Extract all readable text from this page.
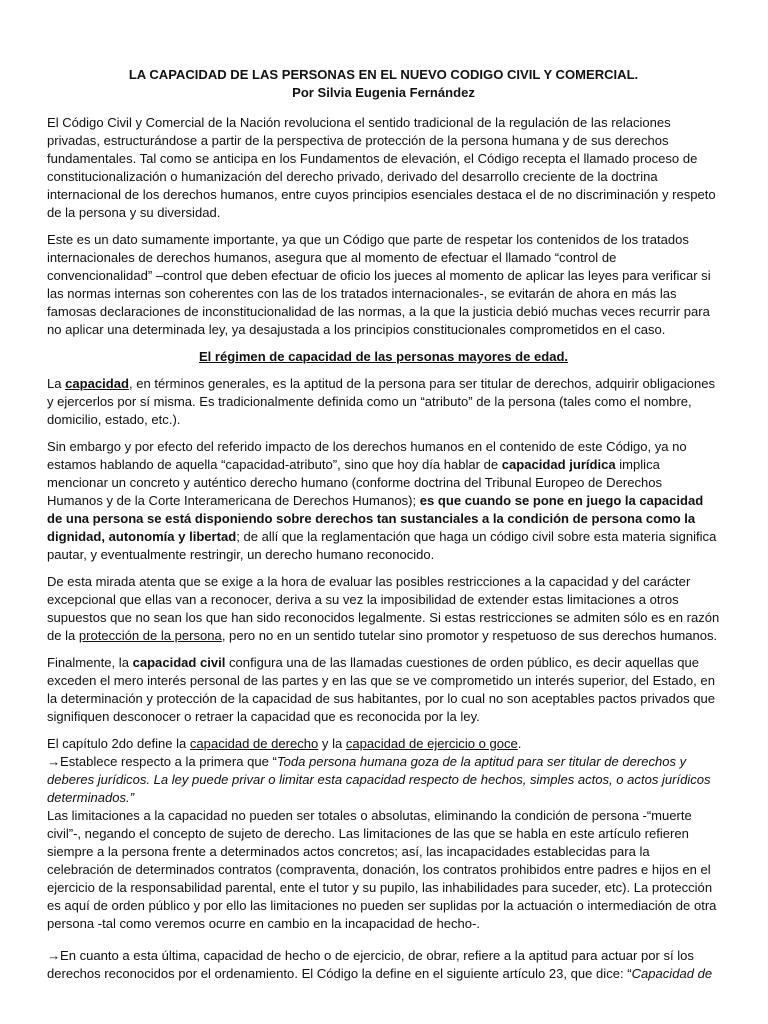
LA CAPACIDAD DE LAS PERSONAS EN EL NUEVO CODIGO CIVIL Y COMERCIAL.
Por Silvia Eugenia Fernández

El Código Civil y Comercial de la Nación revoluciona el sentido tradicional de la regulación de las relaciones privadas, estructurándose a partir de la perspectiva de protección de la persona humana y de sus derechos fundamentales. Tal como se anticipa en los Fundamentos de elevación, el Código recepta el llamado proceso de constitucionalización o humanización del derecho privado, derivado del desarrollo creciente de la doctrina internacional de los derechos humanos, entre cuyos principios esenciales destaca el de no discriminación y respeto de la persona y su diversidad.

Este es un dato sumamente importante, ya que un Código que parte de respetar los contenidos de los tratados internacionales de derechos humanos, asegura que al momento de efectuar el llamado “control de convencionalidad” –control que deben efectuar de oficio los jueces al momento de aplicar las leyes para verificar si las normas internas son coherentes con las de los tratados internacionales-, se evitarán de ahora en más las famosas declaraciones de inconstitucionalidad de las normas, a la que la justicia debió muchas veces recurrir para no aplicar una determinada ley, ya desajustada a los principios constitucionales comprometidos en el caso.

El régimen de capacidad de las personas mayores de edad.

La capacidad, en términos generales, es la aptitud de la persona para ser titular de derechos, adquirir obligaciones y ejercerlos por sí misma. Es tradicionalmente definida como un “atributo” de la persona (tales como el nombre, domicilio, estado, etc.).

Sin embargo y por efecto del referido impacto de los derechos humanos en el contenido de este Código, ya no estamos hablando de aquella “capacidad-atributo”, sino que hoy día hablar de capacidad jurídica implica mencionar un concreto y auténtico derecho humano (conforme doctrina del Tribunal Europeo de Derechos Humanos y de la Corte Interamericana de Derechos Humanos); es que cuando se pone en juego la capacidad de una persona se está disponiendo sobre derechos tan sustanciales a la condición de persona como la dignidad, autonomía y libertad; de allí que la reglamentación que haga un código civil sobre esta materia significa pautar, y eventualmente restringir, un derecho humano reconocido.

De esta mirada atenta que se exige a la hora de evaluar las posibles restricciones a la capacidad y del carácter excepcional que ellas van a reconocer, deriva a su vez la imposibilidad de extender estas limitaciones a otros supuestos que no sean los que han sido reconocidos legalmente. Si estas restricciones se admiten sólo es en razón de la protección de la persona, pero no en un sentido tutelar sino promotor y respetuoso de sus derechos humanos.

Finalmente, la capacidad civil configura una de las llamadas cuestiones de orden público, es decir aquellas que exceden el mero interés personal de las partes y en las que se ve comprometido un interés superior, del Estado, en la determinación y protección de la capacidad de sus habitantes, por lo cual no son aceptables pactos privados que signifiquen desconocer o retraer la capacidad que es reconocida por la ley.

El capítulo 2do define la capacidad de derecho y la capacidad de ejercicio o goce.
→Establece respecto a la primera que “Toda persona humana goza de la aptitud para ser titular de derechos y deberes jurídicos. La ley puede privar o limitar esta capacidad respecto de hechos, simples actos, o actos jurídicos determinados.”
Las limitaciones a la capacidad no pueden ser totales o absolutas, eliminando la condición de persona -“muerte civil”-, negando el concepto de sujeto de derecho. Las limitaciones de las que se habla en este artículo refieren siempre a la persona frente a determinados actos concretos; así, las incapacidades establecidas para la celebración de determinados contratos (compraventa, donación, los contratos prohibidos entre padres e hijos en el ejercicio de la responsabilidad parental, ente el tutor y su pupilo, las inhabilidades para suceder, etc). La protección es aquí de orden público y por ello las limitaciones no pueden ser suplidas por la actuación o intermediación de otra persona -tal como veremos ocurre en cambio en la incapacidad de hecho-.

→En cuanto a esta última, capacidad de hecho o de ejercicio, de obrar, refiere a la aptitud para actuar por sí los derechos reconocidos por el ordenamiento. El Código la define en el siguiente artículo 23, que dice: “Capacidad de
